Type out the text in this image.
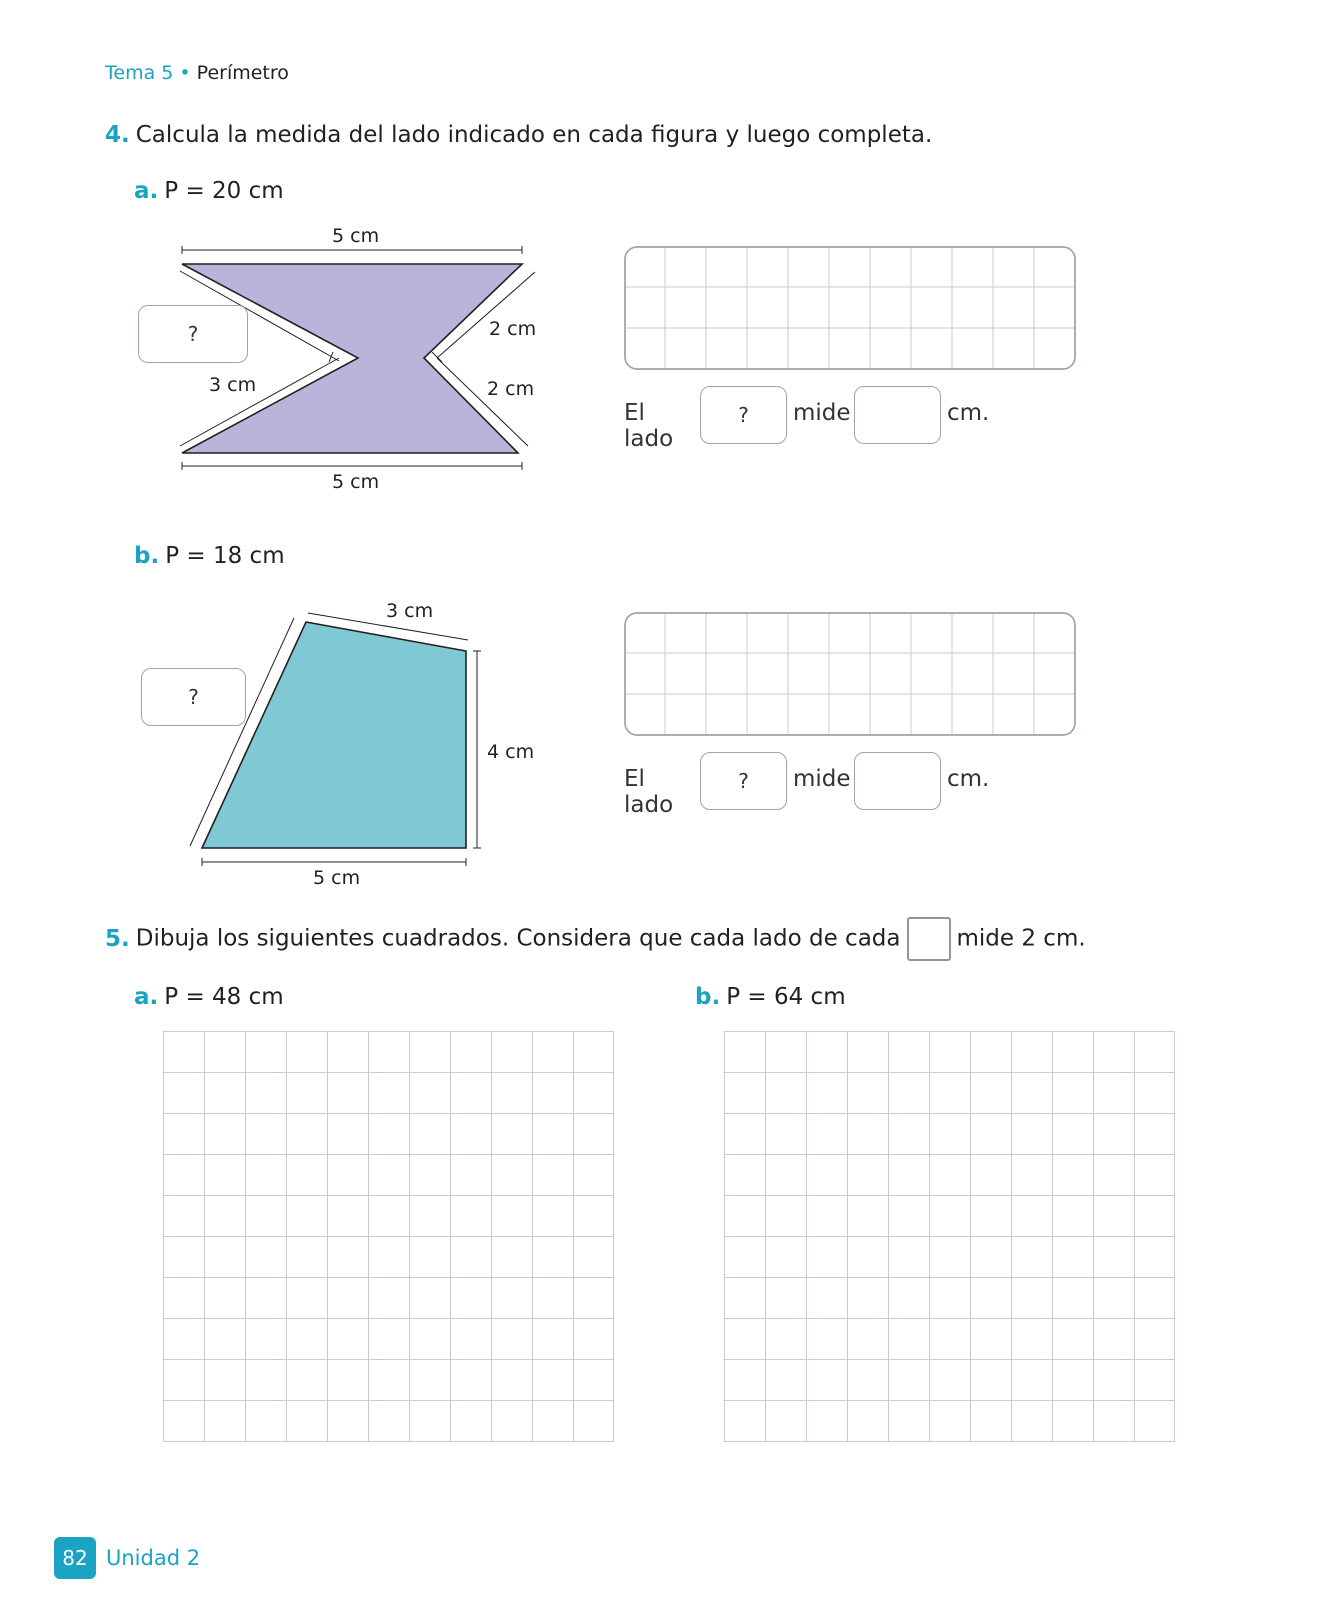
Tema 5 • Perímetro
4. Calcula la medida del lado indicado en cada figura y luego completa.
a. P = 20 cm
5 cm
5 cm
2 cm
2 cm
3 cm
?
El lado
mide	cm.
?
b. P = 18 cm
3 cm
4 cm
5 cm
?
El lado
mide	cm.
?
5. Dibuja los siguientes cuadrados. Considera que cada lado de cada mide 2 cm.
a. P = 48 cm	b. P = 64 cm
82 Unidad 2
